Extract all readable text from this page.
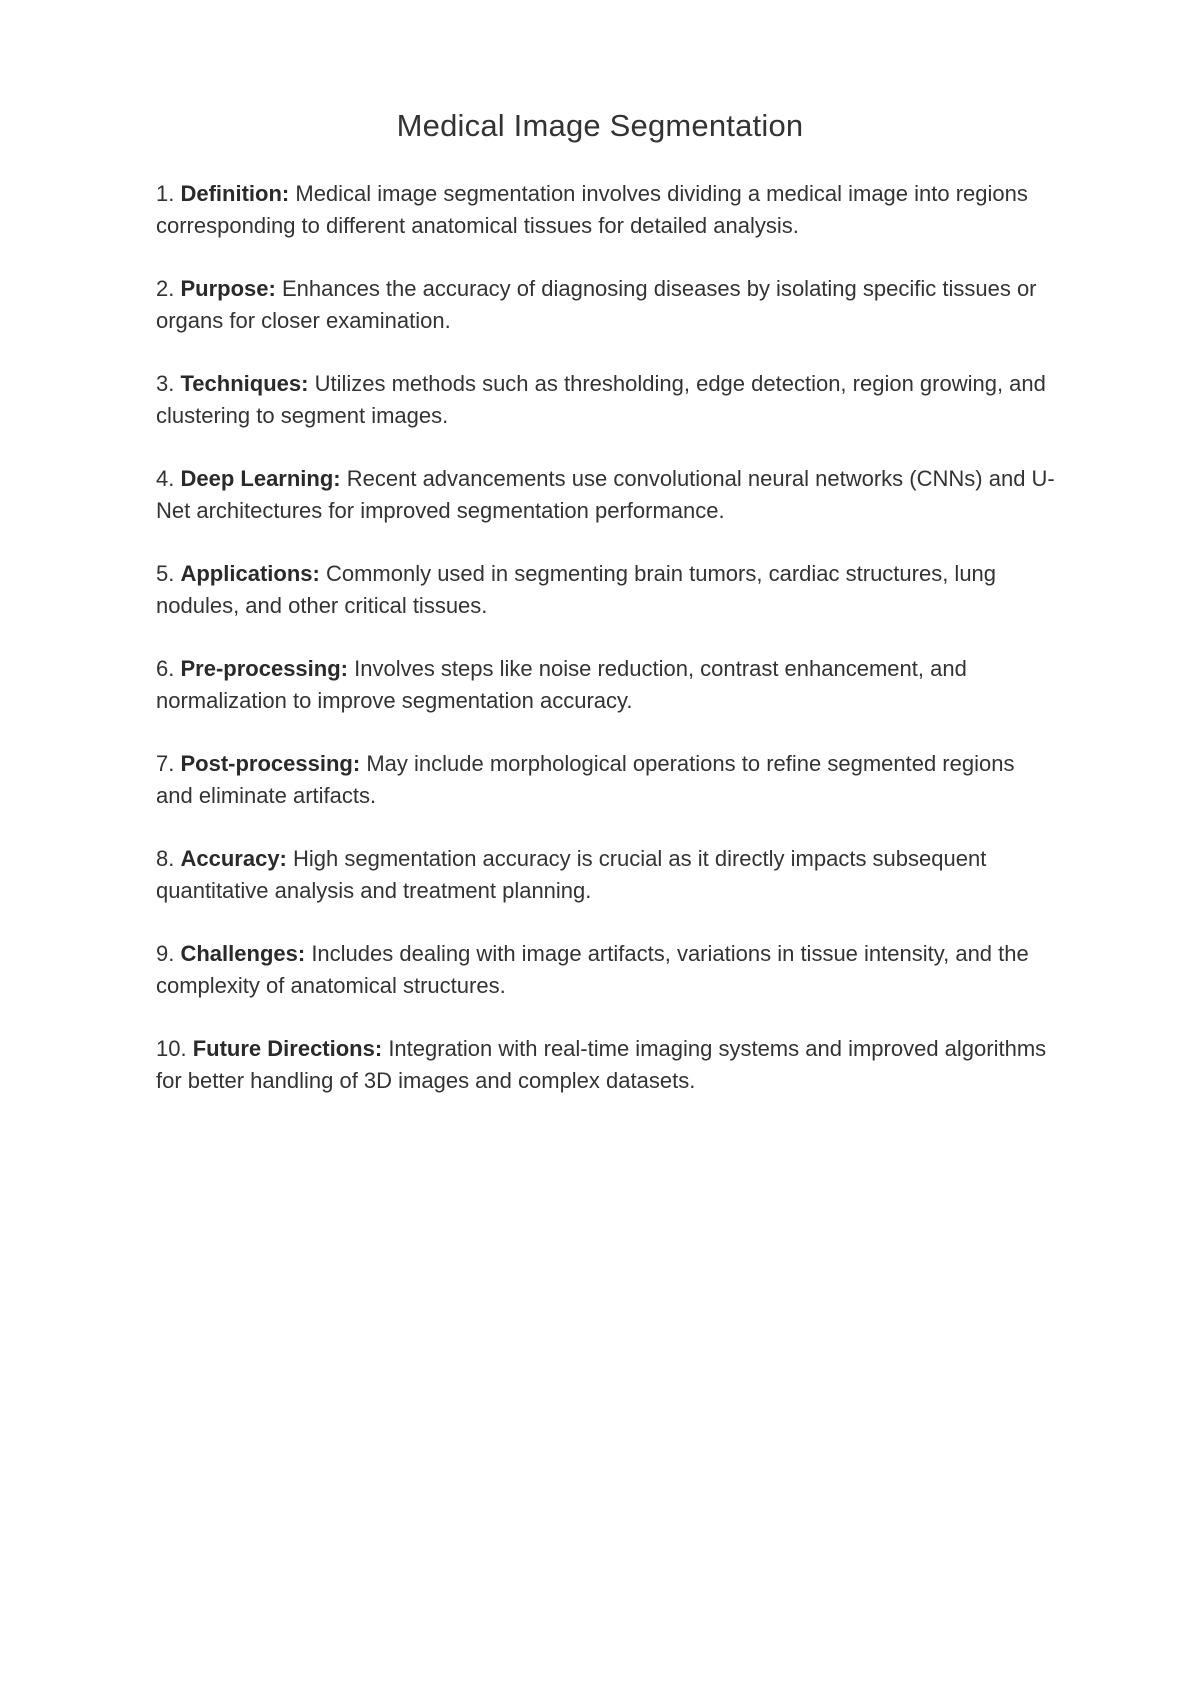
Medical Image Segmentation
1. Definition: Medical image segmentation involves dividing a medical image into regions corresponding to different anatomical tissues for detailed analysis.
2. Purpose: Enhances the accuracy of diagnosing diseases by isolating specific tissues or organs for closer examination.
3. Techniques: Utilizes methods such as thresholding, edge detection, region growing, and clustering to segment images.
4. Deep Learning: Recent advancements use convolutional neural networks (CNNs) and U-Net architectures for improved segmentation performance.
5. Applications: Commonly used in segmenting brain tumors, cardiac structures, lung nodules, and other critical tissues.
6. Pre-processing: Involves steps like noise reduction, contrast enhancement, and normalization to improve segmentation accuracy.
7. Post-processing: May include morphological operations to refine segmented regions and eliminate artifacts.
8. Accuracy: High segmentation accuracy is crucial as it directly impacts subsequent quantitative analysis and treatment planning.
9. Challenges: Includes dealing with image artifacts, variations in tissue intensity, and the complexity of anatomical structures.
10. Future Directions: Integration with real-time imaging systems and improved algorithms for better handling of 3D images and complex datasets.
